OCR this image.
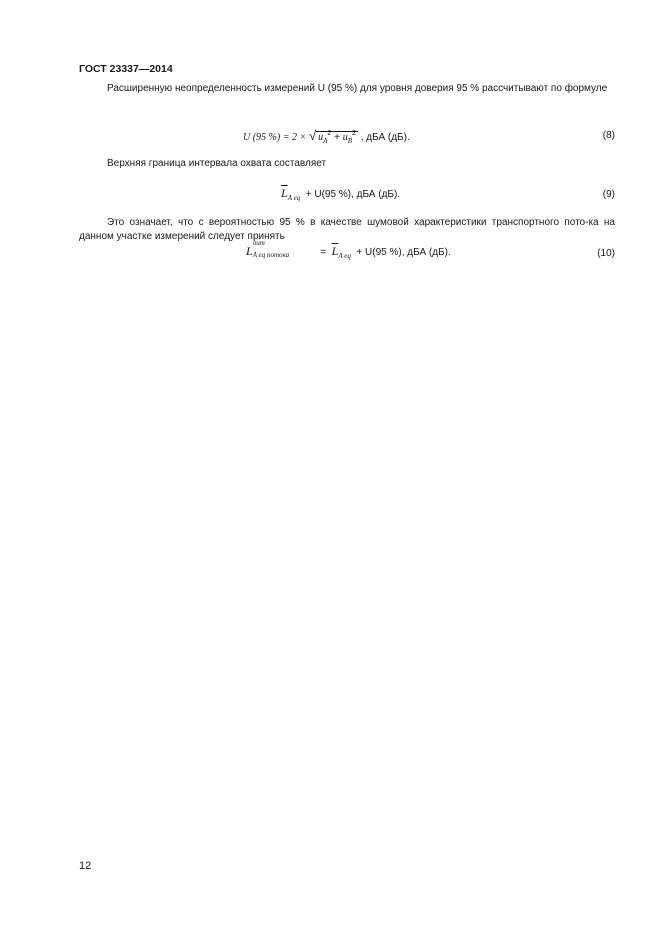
ГОСТ 23337—2014
Расширенную неопределенность измерений U (95 %) для уровня доверия 95 % рассчитывают по формуле
U (95 %) = 2 × √ $u_A^2 + u_B^2$ , дБА (дБ).	(8)
Верхняя граница интервала охвата составляет
$\overline{L}_{A eq} + U(95$ %), дБА (дБ).	(9)
Это означает, что с вероятностью 95 % в качестве шумовой характеристики транспортного пото-ка на данном участке измерений следует принять
L
оит
A eq потока	= $\overline{L}_{A eq} + U(95$ %), дБА (дБ).	(10)
12
